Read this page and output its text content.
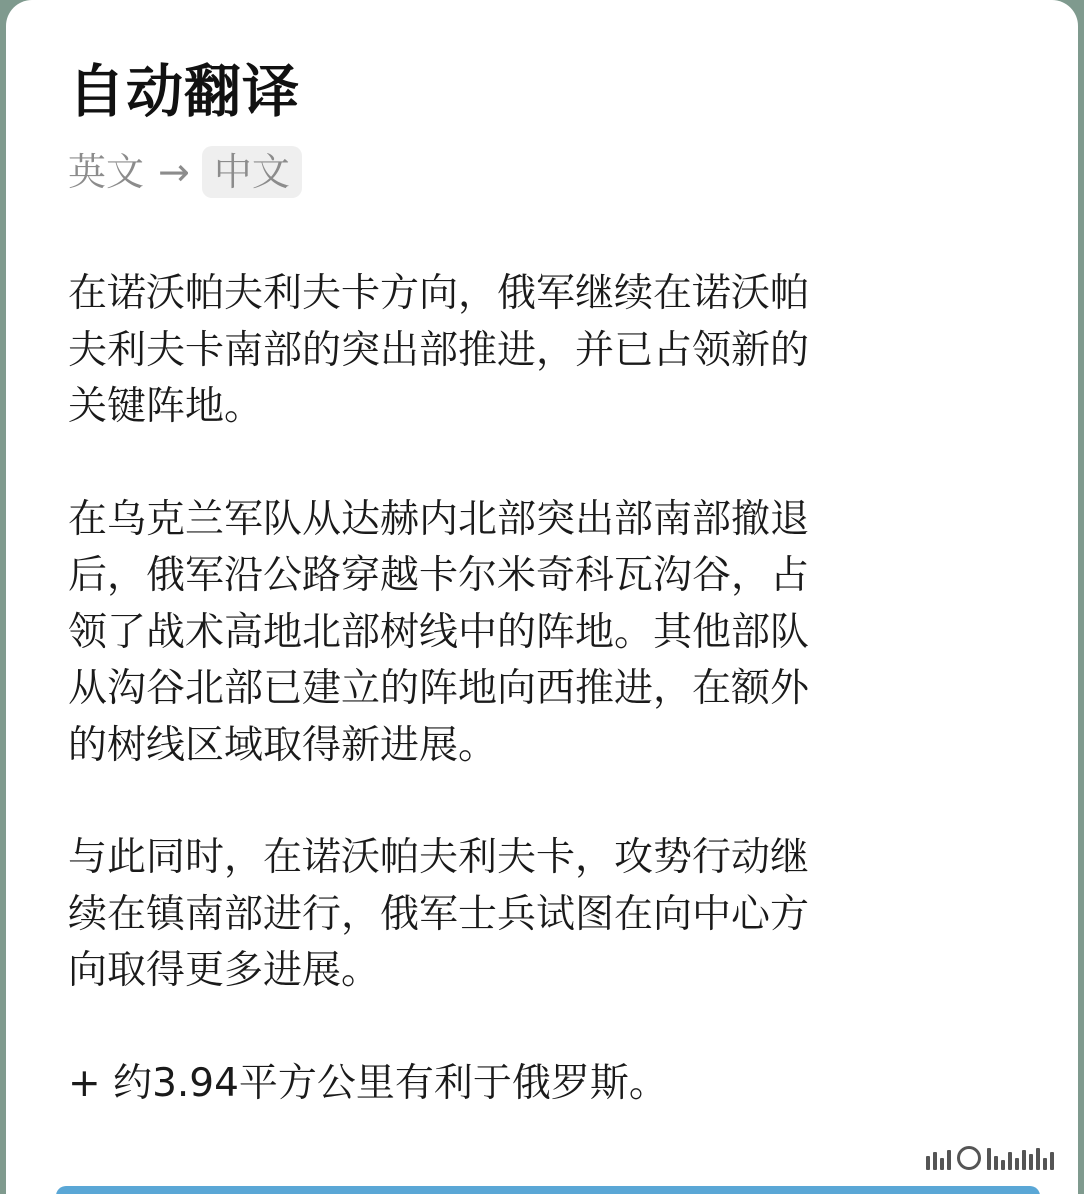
自动翻译
英文 → 中文

在诺沃帕夫利夫卡方向，俄军继续在诺沃帕
夫利夫卡南部的突出部推进，并已占领新的
关键阵地。

在乌克兰军队从达赫内北部突出部南部撤退
后，俄军沿公路穿越卡尔米奇科瓦沟谷，占
领了战术高地北部树线中的阵地。其他部队
从沟谷北部已建立的阵地向西推进，在额外
的树线区域取得新进展。

与此同时，在诺沃帕夫利夫卡，攻势行动继
续在镇南部进行，俄军士兵试图在向中心方
向取得更多进展。

+ 约3.94平方公里有利于俄罗斯。
